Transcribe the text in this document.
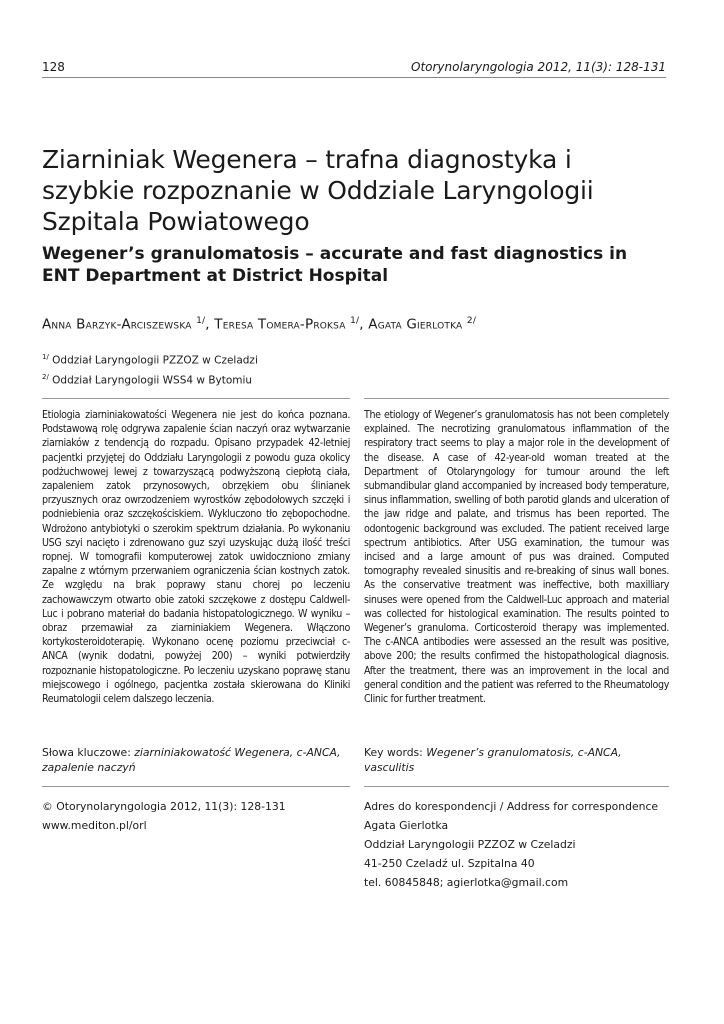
128	Otorynolaryngologia 2012, 11(3): 128-131
Ziarniniak Wegenera – trafna diagnostyka i szybkie rozpoznanie w Oddziale Laryngologii Szpitala Powiatowego
Wegener’s granulomatosis – accurate and fast diagnostics in ENT Department at District Hospital
Anna Barzyk-Arciszewska $^{1/}$, Teresa Tomera-Proksa $^{1/}$, Agata Gierlotka $^{2/}$
$^{1/}$ Oddział Laryngologii PZZOZ w Czeladzi
$^{2/}$ Oddział Laryngologii WSS4 w Bytomiu

Etiologia ziarniniakowatości Wegenera nie jest do końca poznana. Podstawową rolę odgrywa zapalenie ścian naczyń oraz wytwarzanie ziarniaków z tendencją do rozpadu. Opisano przypadek 42-letniej pacjentki przyjętej do Oddziału Laryngologii z powodu guza okolicy podżuchwowej lewej z towarzyszącą podwyższoną ciepłotą ciała, zapaleniem zatok przynosowych, obrzękiem obu ślinianek przyusznych oraz owrzodzeniem wyrostków zębodołowych szczęki i podniebienia oraz szczękościskiem. Wykluczono tło zębopochodne. Wdrożono antybiotyki o szerokim spektrum działania. Po wykonaniu USG szyi nacięto i zdrenowano guz szyi uzyskując dużą ilość treści ropnej. W tomografii komputerowej zatok uwidoczniono zmiany zapalne z wtórnym przerwaniem ograniczenia ścian kostnych zatok. Ze względu na brak poprawy stanu chorej po leczeniu zachowawczym otwarto obie zatoki szczękowe z dostępu Caldwell-Luc i pobrano materiał do badania histopatologicznego. W wyniku – obraz przemawiał za ziarniniakiem Wegenera. Włączono kortykosteroidoterapię. Wykonano ocenę poziomu przeciwciał c-ANCA (wynik dodatni, powyżej 200) – wyniki potwierdziły rozpoznanie histopatologiczne. Po leczeniu uzyskano poprawę stanu miejscowego i ogólnego, pacjentka została skierowana do Kliniki Reumatologii celem dalszego leczenia.

The etiology of Wegener’s granulomatosis has not been completely explained. The necrotizing granulomatous inflammation of the respiratory tract seems to play a major role in the development of the disease. A case of 42-year-old woman treated at the Department of Otolaryngology for tumour around the left submandibular gland accompanied by increased body temperature, sinus inflammation, swelling of both parotid glands and ulceration of the jaw ridge and palate, and trismus has been reported. The odontogenic background was excluded. The patient received large spectrum antibiotics. After USG examination, the tumour was incised and a large amount of pus was drained. Computed tomography revealed sinusitis and re-breaking of sinus wall bones. As the conservative treatment was ineffective, both maxilliary sinuses were opened from the Caldwell-Luc approach and material was collected for histological examination. The results pointed to Wegener’s granuloma. Corticosteroid therapy was implemented. The c-ANCA antibodies were assessed an the result was positive, above 200; the results confirmed the histopathological diagnosis. After the treatment, there was an improvement in the local and general condition and the patient was referred to the Rheumatology Clinic for further treatment.

Słowa kluczowe: ziarniniakowatość Wegenera, c-ANCA, zapalenie naczyń
Key words: Wegener’s granulomatosis, c-ANCA, vasculitis
© Otorynolaryngologia 2012, 11(3): 128-131
www.mediton.pl/orl
Adres do korespondencji / Address for correspondence
Agata Gierlotka
Oddział Laryngologii PZZOZ w Czeladzi
41-250 Czeladź ul. Szpitalna 40
tel. 60845848; agierlotka@gmail.com
